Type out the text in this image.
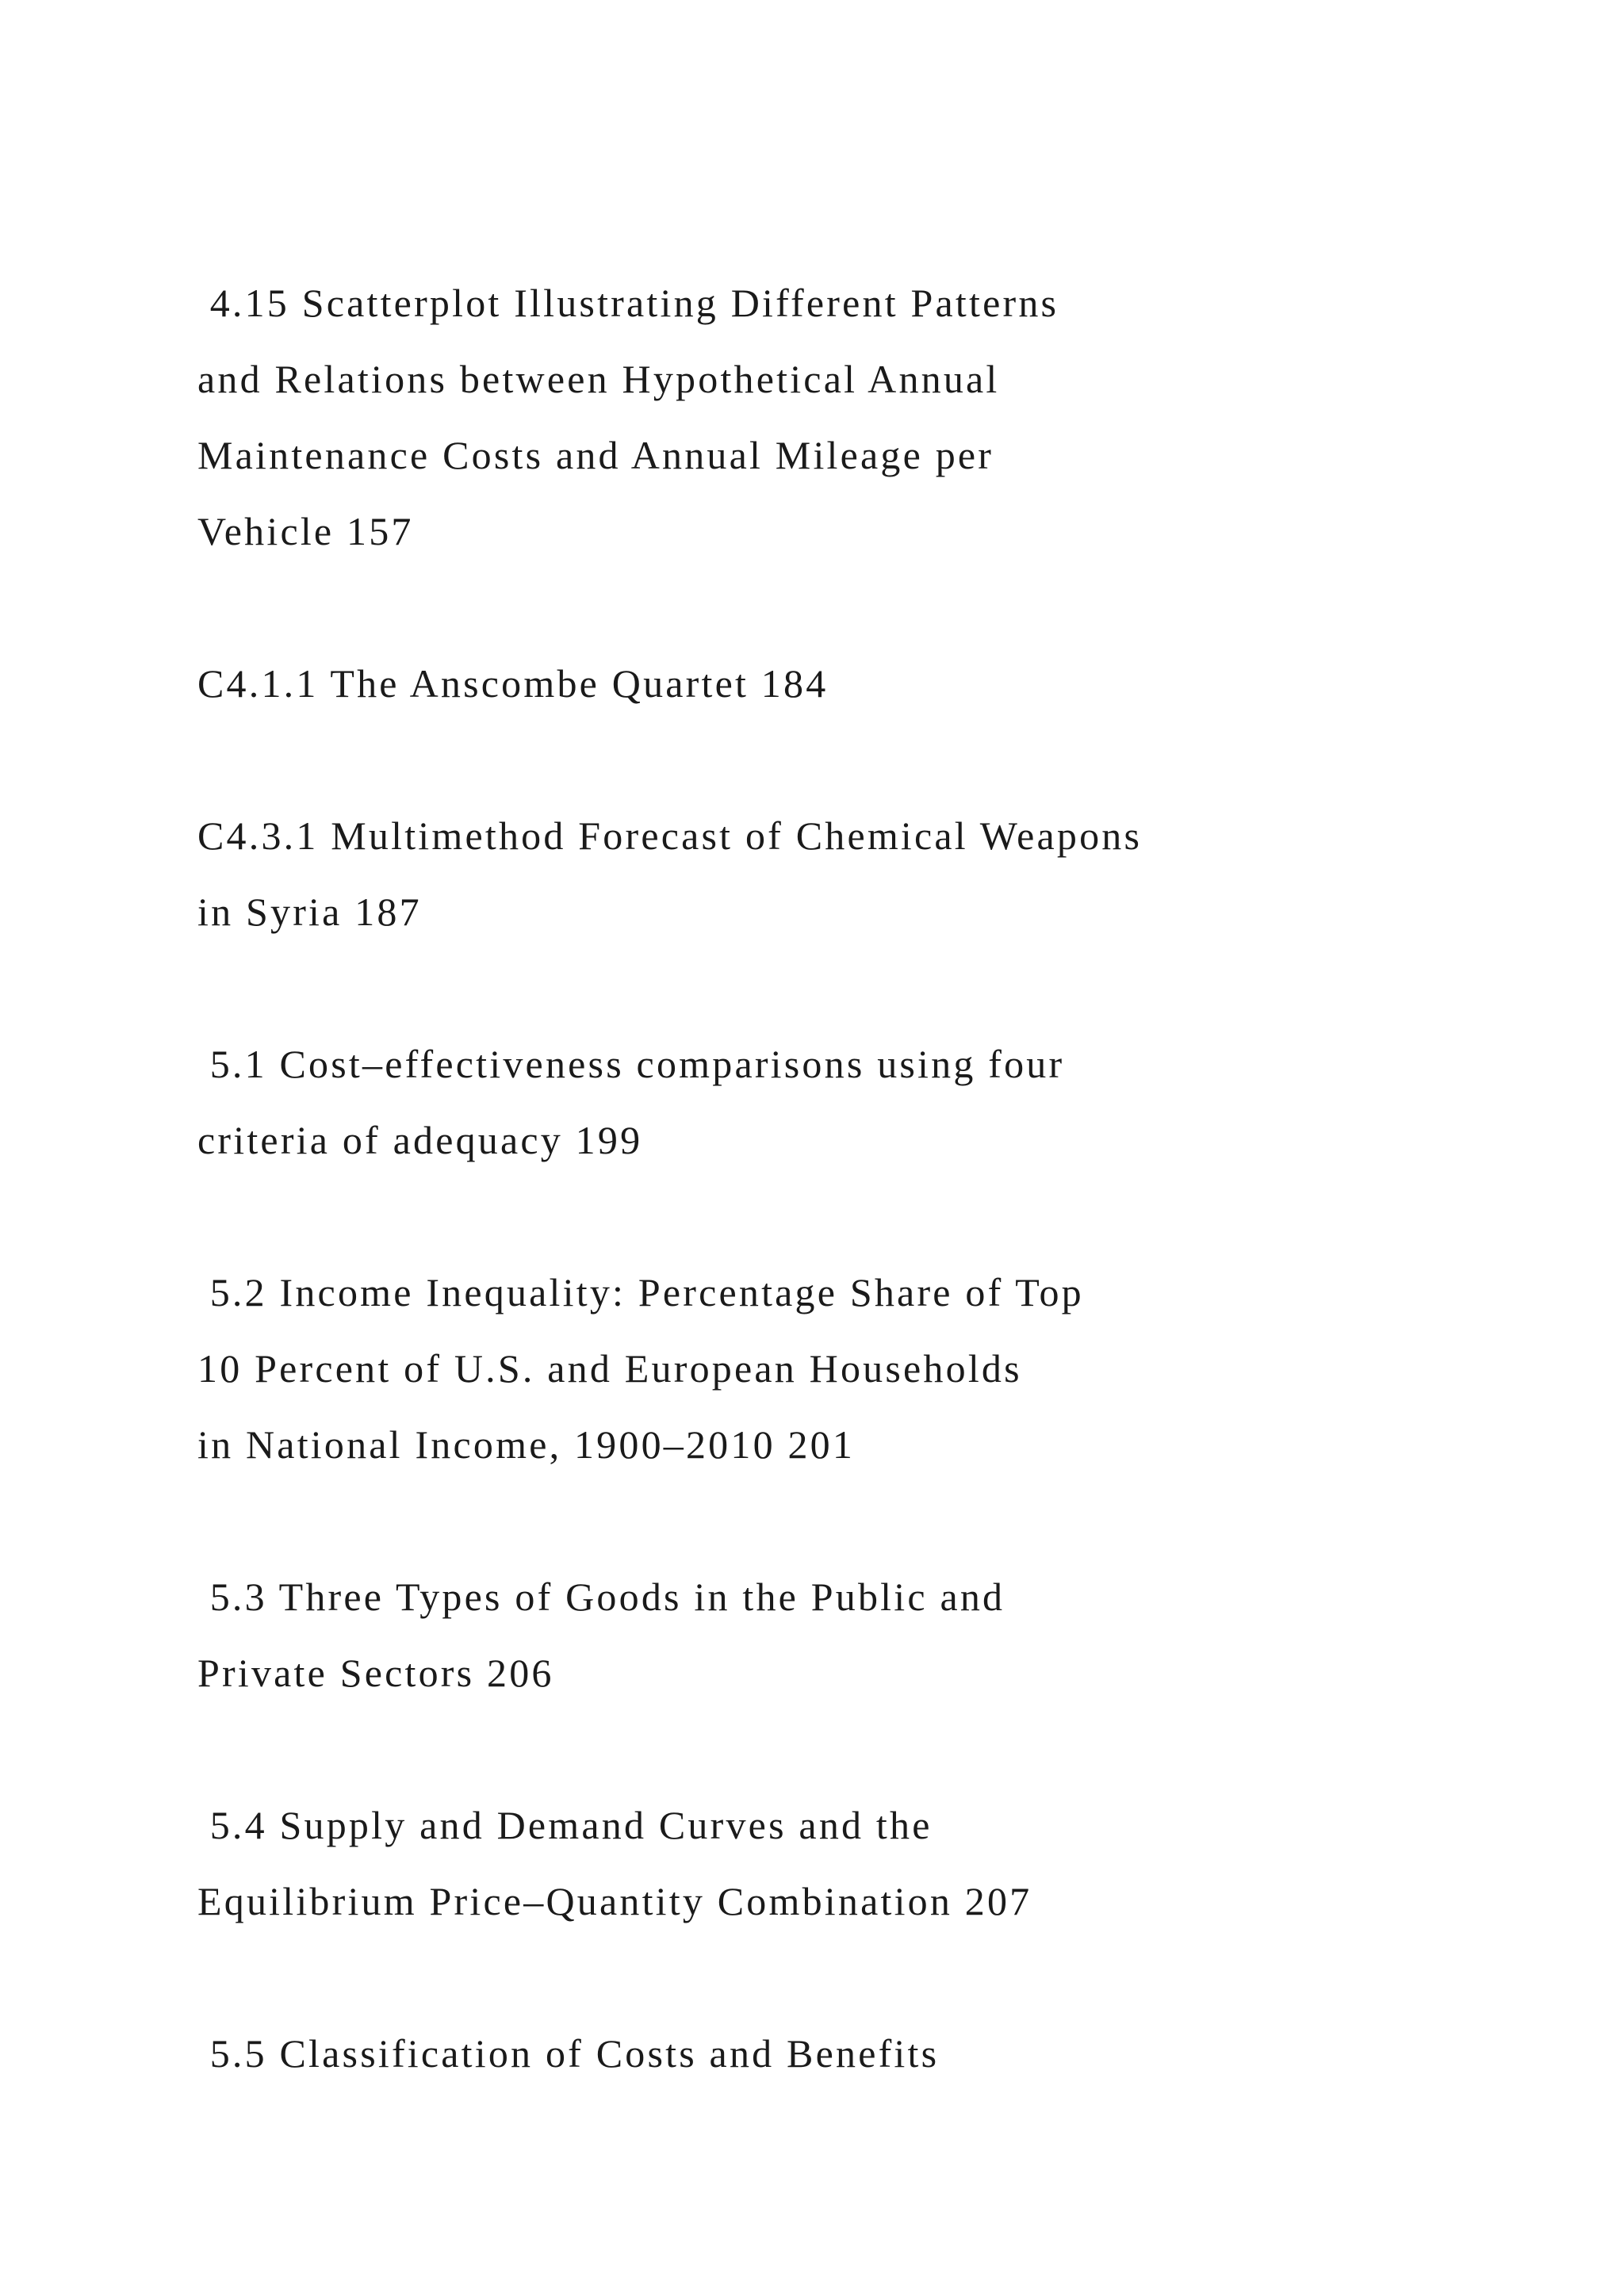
4.15 Scatterplot Illustrating Different Patterns
and Relations between Hypothetical Annual
Maintenance Costs and Annual Mileage per
Vehicle 157
C4.1.1 The Anscombe Quartet 184
C4.3.1 Multimethod Forecast of Chemical Weapons
in Syria 187
5.1 Cost–effectiveness comparisons using four
criteria of adequacy 199
5.2 Income Inequality: Percentage Share of Top
10 Percent of U.S. and European Households
in National Income, 1900–2010 201
5.3 Three Types of Goods in the Public and
Private Sectors 206
5.4 Supply and Demand Curves and the
Equilibrium Price–Quantity Combination 207
5.5 Classification of Costs and Benefits
